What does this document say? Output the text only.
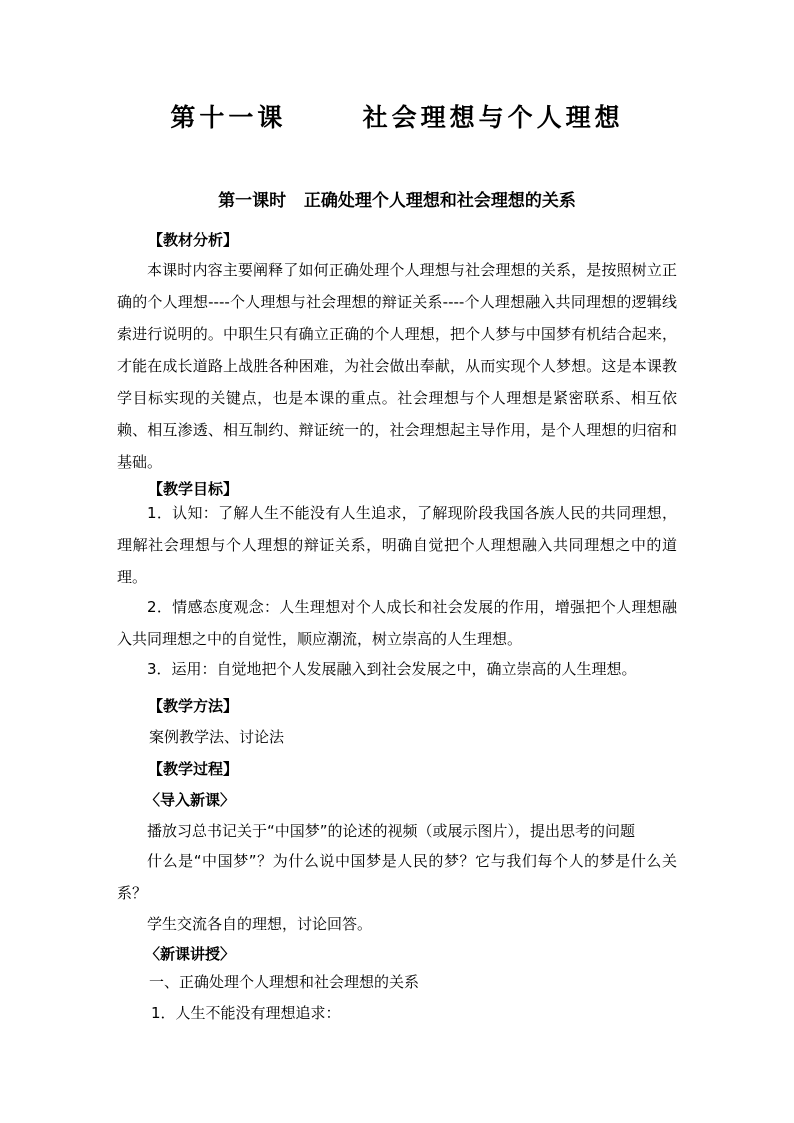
第十一课      社会理想与个人理想
第一课时   正确处理个人理想和社会理想的关系
【教材分析】

本课时内容主要阐释了如何正确处理个人理想与社会理想的关系，是按照树立正确的个人理想----个人理想与社会理想的辩证关系----个人理想融入共同理想的逻辑线索进行说明的。中职生只有确立正确的个人理想，把个人梦与中国梦有机结合起来，才能在成长道路上战胜各种困难，为社会做出奉献，从而实现个人梦想。这是本课教学目标实现的关键点，也是本课的重点。社会理想与个人理想是紧密联系、相互依赖、相互渗透、相互制约、辩证统一的，社会理想起主导作用，是个人理想的归宿和基础。

【教学目标】

1．认知：了解人生不能没有人生追求，了解现阶段我国各族人民的共同理想，理解社会理想与个人理想的辩证关系，明确自觉把个人理想融入共同理想之中的道理。

2．情感态度观念：人生理想对个人成长和社会发展的作用，增强把个人理想融入共同理想之中的自觉性，顺应潮流，树立崇高的人生理想。

3．运用：自觉地把个人发展融入到社会发展之中，确立崇高的人生理想。

【教学方法】
案例教学法、讨论法
【教学过程】
〈导入新课〉
播放习总书记关于“中国梦”的论述的视频（或展示图片），提出思考的问题

什么是“中国梦”？为什么说中国梦是人民的梦？它与我们每个人的梦是什么关系？

学生交流各自的理想，讨论回答。
〈新课讲授〉
一、正确处理个人理想和社会理想的关系
1．人生不能没有理想追求：
